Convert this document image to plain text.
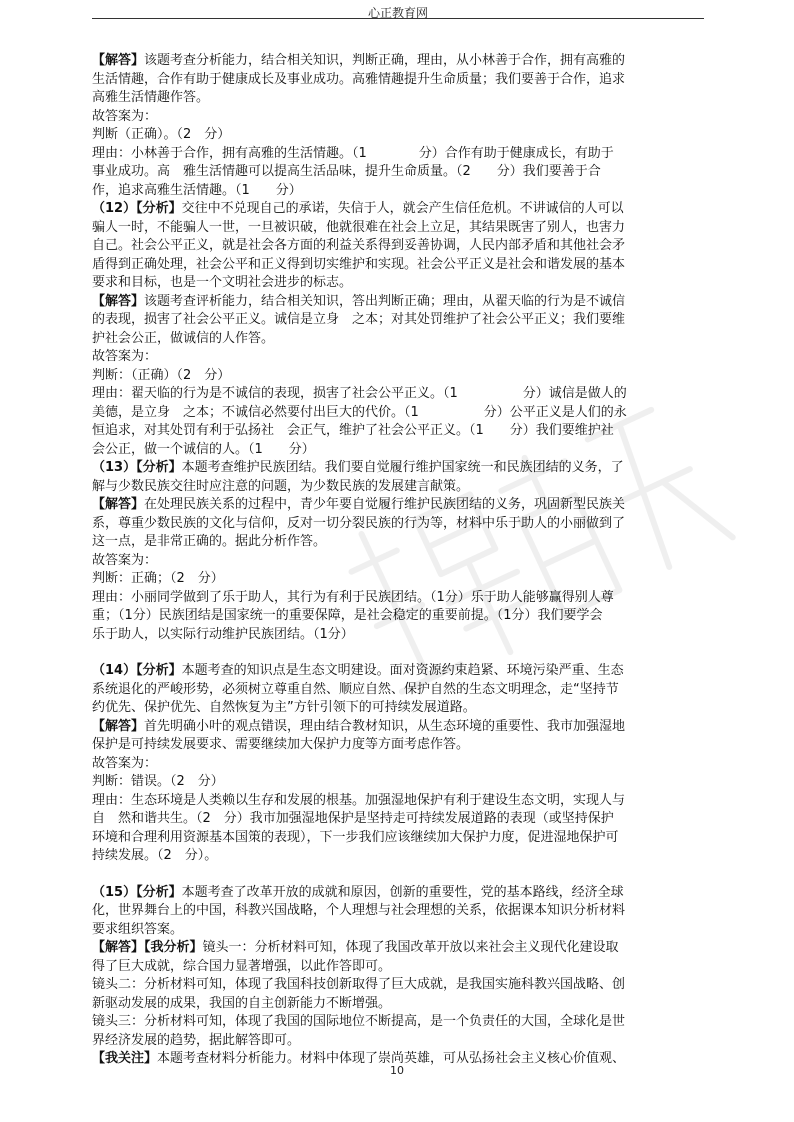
心正教育网
【解答】该题考查分析能力，结合相关知识，判断正确，理由，从小林善于合作，拥有高雅的
生活情趣，合作有助于健康成长及事业成功。高雅情趣提升生命质量；我们要善于合作，追求
高雅生活情趣作答。
故答案为：
判断（正确）。（2　分）
理由：小林善于合作，拥有高雅的生活情趣。（1　　　　分）合作有助于健康成长，有助于
事业成功。高　雅生活情趣可以提高生活品味，提升生命质量。（2　　分）我们要善于合
作，追求高雅生活情趣。（1　　分）
（12）【分析】交往中不兑现自己的承诺，失信于人，就会产生信任危机。不讲诚信的人可以
骗人一时，不能骗人一世，一旦被识破，他就很难在社会上立足，其结果既害了别人，也害力
自己。社会公平正义，就是社会各方面的利益关系得到妥善协调，人民内部矛盾和其他社会矛
盾得到正确处理，社会公平和正义得到切实维护和实现。社会公平正义是社会和谐发展的基本
要求和目标，也是一个文明社会进步的标志。
【解答】该题考查评析能力，结合相关知识，答出判断正确；理由，从翟天临的行为是不诚信
的表现，损害了社会公平正义。诚信是立身　之本；对其处罚维护了社会公平正义；我们要维
护社会公正，做诚信的人作答。
故答案为：
判断：（正确）（2　分）
理由：翟天临的行为是不诚信的表现，损害了社会公平正义。（1　　　　　分）诚信是做人的
美德，是立身　之本；不诚信必然要付出巨大的代价。（1　　　　　分）公平正义是人们的永
恒追求，对其处罚有利于弘扬社　会正气，维护了社会公平正义。（1　　分）我们要维护社
会公正，做一个诚信的人。（1　　分）
（13）【分析】本题考查维护民族团结。我们要自觉履行维护国家统一和民族团结的义务，了
解与少数民族交往时应注意的问题，为少数民族的发展建言献策。
【解答】在处理民族关系的过程中，青少年要自觉履行维护民族团结的义务，巩固新型民族关
系，尊重少数民族的文化与信仰，反对一切分裂民族的行为等，材料中乐于助人的小丽做到了
这一点，是非常正确的。据此分析作答。
故答案为：
判断：正确；（2　分）
理由：小丽同学做到了乐于助人，其行为有利于民族团结。（1分）乐于助人能够赢得别人尊
重；（1分）民族团结是国家统一的重要保障，是社会稳定的重要前提。（1分）我们要学会
乐于助人，以实际行动维护民族团结。（1分）
（14）【分析】本题考查的知识点是生态文明建设。面对资源约束趋紧、环境污染严重、生态
系统退化的严峻形势，必须树立尊重自然、顺应自然、保护自然的生态文明理念，走“坚持节
约优先、保护优先、自然恢复为主”方针引领下的可持续发展道路。
【解答】首先明确小叶的观点错误，理由结合教材知识，从生态环境的重要性、我市加强湿地
保护是可持续发展要求、需要继续加大保护力度等方面考虑作答。
故答案为：
判断：错误。（2　分）
理由：生态环境是人类赖以生存和发展的根基。加强湿地保护有利于建设生态文明，实现人与
自　然和谐共生。（2　分）我市加强湿地保护是坚持走可持续发展道路的表现（或坚持保护
环境和合理利用资源基本国策的表现），下一步我们应该继续加大保护力度，促进湿地保护可
持续发展。（2　分）。
（15）【分析】本题考查了改革开放的成就和原因，创新的重要性，党的基本路线，经济全球
化，世界舞台上的中国，科教兴国战略，个人理想与社会理想的关系，依据课本知识分析材料
要求组织答案。
【解答】【我分析】镜头一：分析材料可知，体现了我国改革开放以来社会主义现代化建设取
得了巨大成就，综合国力显著增强，以此作答即可。
镜头二：分析材料可知，体现了我国科技创新取得了巨大成就，是我国实施科教兴国战略、创
新驱动发展的成果，我国的自主创新能力不断增强。
镜头三：分析材料可知，体现了我国的国际地位不断提高，是一个负责任的大国，全球化是世
界经济发展的趋势，据此解答即可。
【我关注】本题考查材料分析能力。材料中体现了崇尚英雄，可从弘扬社会主义核心价值观、
10
